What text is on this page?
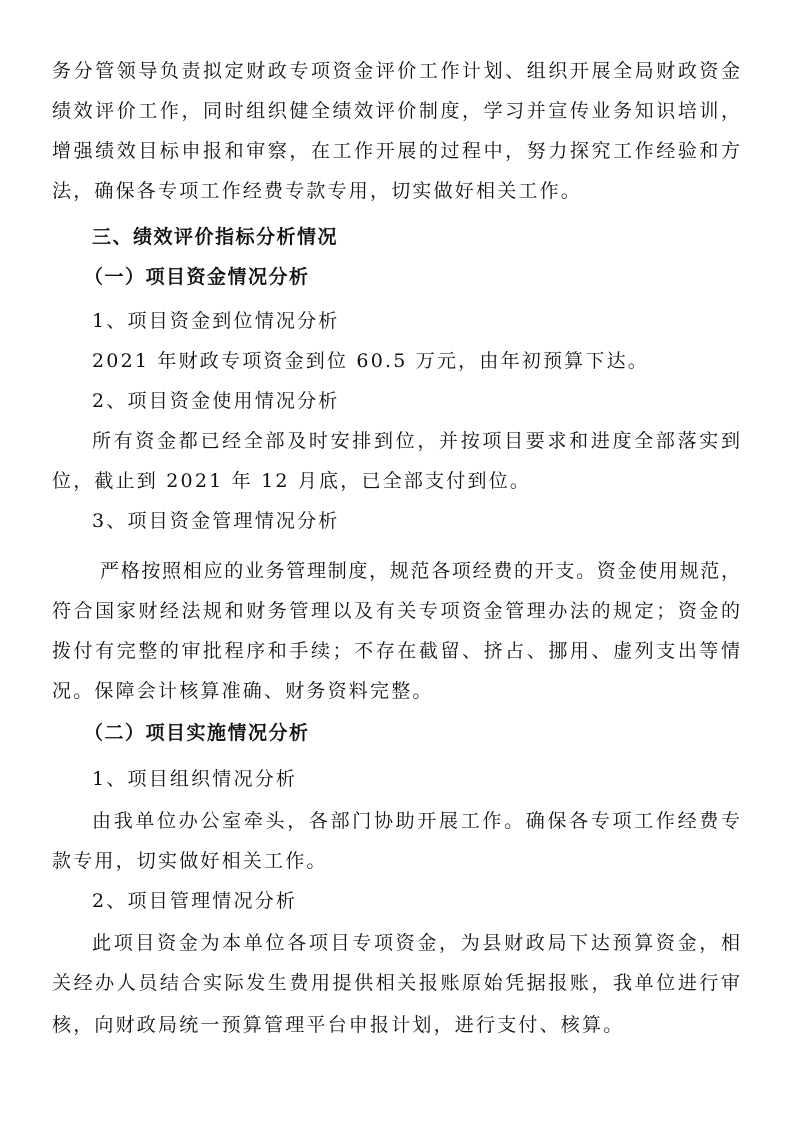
务分管领导负责拟定财政专项资金评价工作计划、组织开展全局财政资金
绩效评价工作，同时组织健全绩效评价制度，学习并宣传业务知识培训，
增强绩效目标申报和审察，在工作开展的过程中，努力探究工作经验和方
法，确保各专项工作经费专款专用，切实做好相关工作。
三、绩效评价指标分析情况
（一）项目资金情况分析
1、项目资金到位情况分析
2021 年财政专项资金到位 60.5 万元，由年初预算下达。
2、项目资金使用情况分析
所有资金都已经全部及时安排到位，并按项目要求和进度全部落实到
位，截止到 2021 年 12 月底，已全部支付到位。
3、项目资金管理情况分析
严格按照相应的业务管理制度，规范各项经费的开支。资金使用规范，
符合国家财经法规和财务管理以及有关专项资金管理办法的规定；资金的
拨付有完整的审批程序和手续；不存在截留、挤占、挪用、虚列支出等情
况。保障会计核算准确、财务资料完整。
（二）项目实施情况分析
1、项目组织情况分析
由我单位办公室牵头，各部门协助开展工作。确保各专项工作经费专
款专用，切实做好相关工作。
2、项目管理情况分析
此项目资金为本单位各项目专项资金，为县财政局下达预算资金，相
关经办人员结合实际发生费用提供相关报账原始凭据报账，我单位进行审
核，向财政局统一预算管理平台申报计划，进行支付、核算。
